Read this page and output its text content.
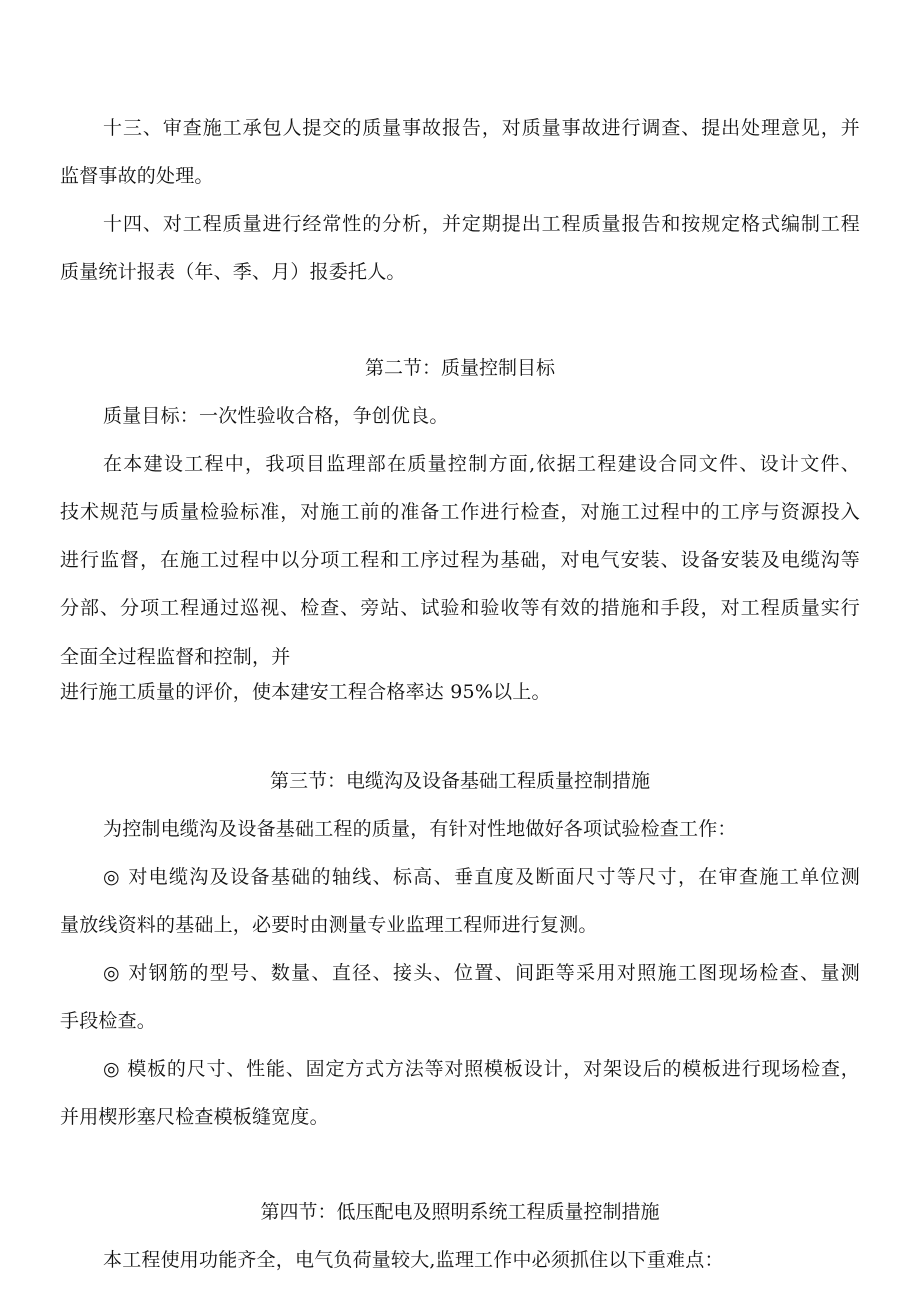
十三、审查施工承包人提交的质量事故报告，对质量事故进行调查、提出处理意见，并
监督事故的处理。
十四、对工程质量进行经常性的分析，并定期提出工程质量报告和按规定格式编制工程
质量统计报表（年、季、月）报委托人。
第二节：质量控制目标
质量目标：一次性验收合格，争创优良。
在本建设工程中，我项目监理部在质量控制方面,依据工程建设合同文件、设计文件、
技术规范与质量检验标准，对施工前的准备工作进行检查，对施工过程中的工序与资源投入
进行监督，在施工过程中以分项工程和工序过程为基础，对电气安装、设备安装及电缆沟等
分部、分项工程通过巡视、检查、旁站、试验和验收等有效的措施和手段，对工程质量实行
全面全过程监督和控制，并
进行施工质量的评价，使本建安工程合格率达 95%以上。
第三节：电缆沟及设备基础工程质量控制措施
为控制电缆沟及设备基础工程的质量，有针对性地做好各项试验检查工作：
◎ 对电缆沟及设备基础的轴线、标高、垂直度及断面尺寸等尺寸，在审查施工单位测
量放线资料的基础上，必要时由测量专业监理工程师进行复测。
◎ 对钢筋的型号、数量、直径、接头、位置、间距等采用对照施工图现场检查、量测
手段检查。
◎ 模板的尺寸、性能、固定方式方法等对照模板设计，对架设后的模板进行现场检查，
并用楔形塞尺检查模板缝宽度。
第四节：低压配电及照明系统工程质量控制措施
本工程使用功能齐全，电气负荷量较大,监理工作中必须抓住以下重难点：
